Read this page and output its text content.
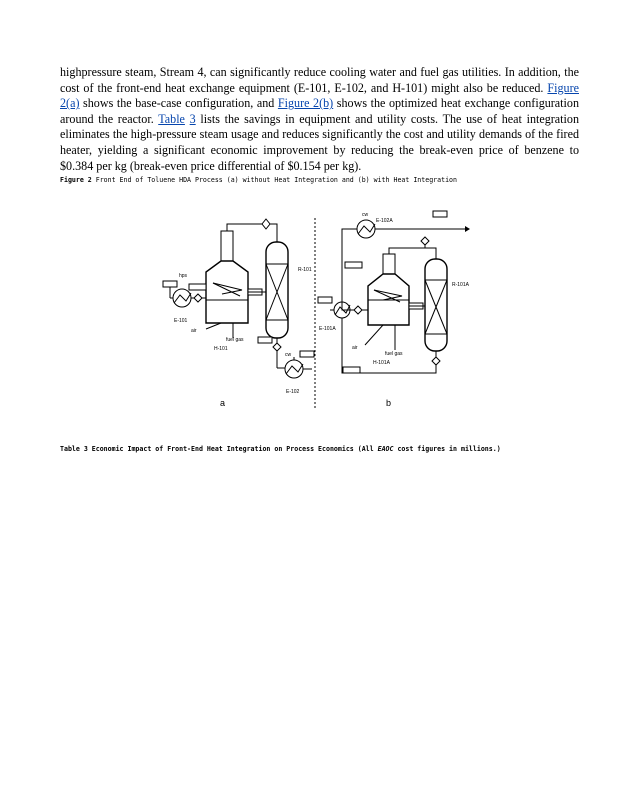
highpressure steam, Stream 4, can significantly reduce cooling water and fuel gas utilities. In addition, the cost of the front-end heat exchange equipment (E-101, E-102, and H-101) might also be reduced. Figure 2(a) shows the base-case configuration, and Figure 2(b) shows the optimized heat exchange configuration around the reactor. Table 3 lists the savings in equipment and utility costs. The use of heat integration eliminates the high-pressure steam usage and reduces significantly the cost and utility demands of the fired heater, yielding a significant economic improvement by reducing the break-even price of benzene to $0.384 per kg (break-even price differential of $0.154 per kg).

Figure 2 Front End of Toluene HDA Process (a) without Heat Integration and (b) with Heat Integration
R-101
E-101
hps
air
fuel gas
H-101
cw
E-102
a
cw
E-102A
R-101A
E-101A
air
fuel gas
H-101A
b
Table 3 Economic Impact of Front-End Heat Integration on Process Economics (All EAOC cost figures in millions.)
